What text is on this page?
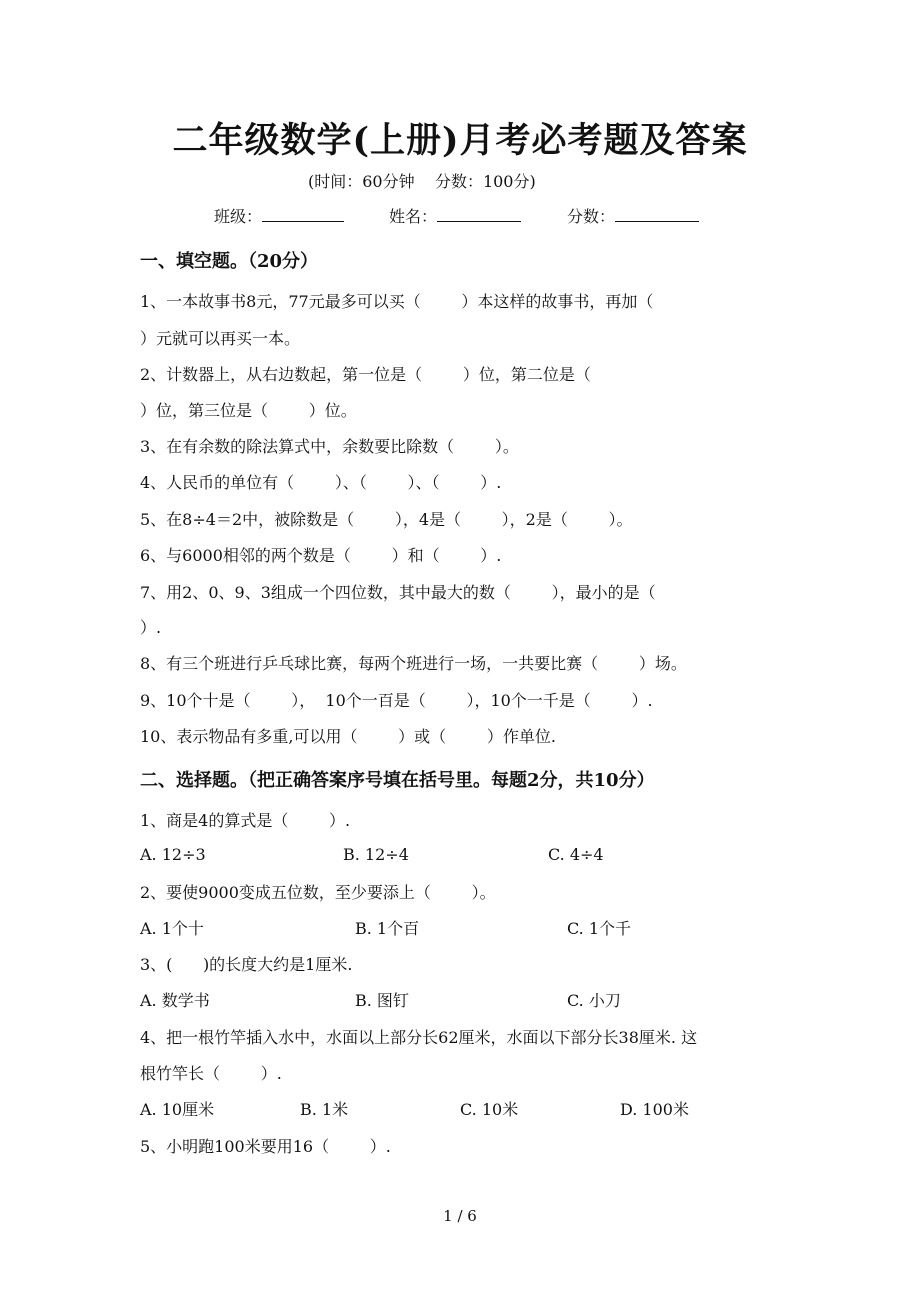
二年级数学(上册)月考必考题及答案
(时间：60分钟    分数：100分)
班级：	姓名：	分数：
一、填空题。（20分）
1、一本故事书8元，77元最多可以买（        ）本这样的故事书，再加（
）元就可以再买一本。
2、计数器上，从右边数起，第一位是（        ）位，第二位是（
）位，第三位是（        ）位。
3、在有余数的除法算式中，余数要比除数（        ）。
4、人民币的单位有（        ）、（        ）、（        ）.
5、在8÷4＝2中，被除数是（        ），4是（        ），2是（        ）。
6、与6000相邻的两个数是（        ）和（        ）.
7、用2、0、9、3组成一个四位数，其中最大的数（        ），最小的是（
）.
8、有三个班进行乒乓球比赛，每两个班进行一场，一共要比赛（        ）场。
9、10个十是（        ），  10个一百是（        ），10个一千是（        ）.
10、表示物品有多重,可以用（        ）或（        ）作单位.
二、选择题。（把正确答案序号填在括号里。每题2分，共10分）
1、商是4的算式是（        ）.
A. 12÷3	B. 12÷4	C. 4÷4
2、要使9000变成五位数，至少要添上（        ）。
A. 1个十	B. 1个百	C. 1个千
3、(      )的长度大约是1厘米.
A. 数学书	B. 图钉	C. 小刀
4、把一根竹竿插入水中，水面以上部分长62厘米，水面以下部分长38厘米. 这
根竹竿长（        ）.
A. 10厘米	B. 1米	C. 10米	D. 100米
5、小明跑100米要用16（        ）.
1 / 6
